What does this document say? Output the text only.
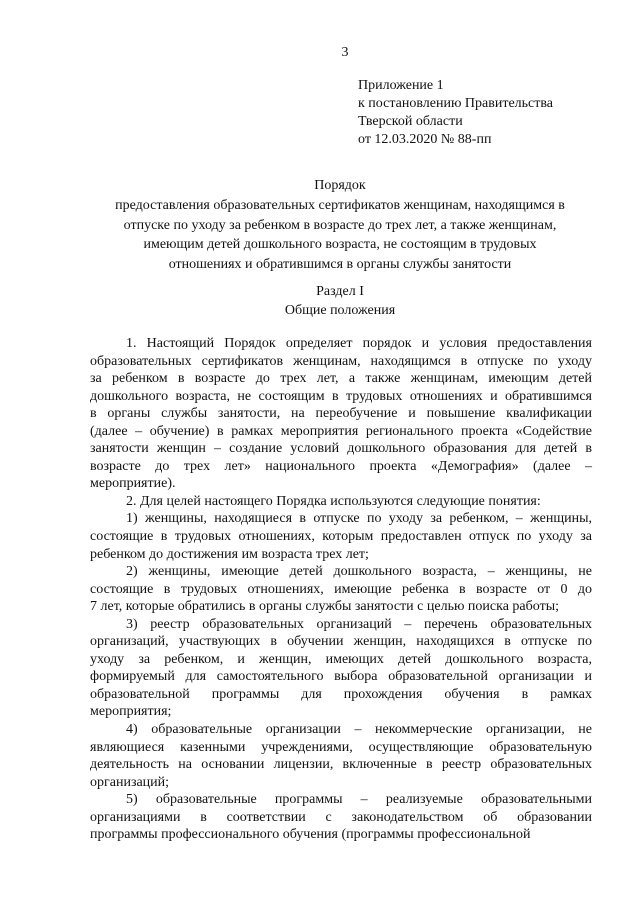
3
Приложение 1
к постановлению Правительства
Тверской области
от 12.03.2020 № 88-пп
Порядок
предоставления образовательных сертификатов женщинам, находящимся в
отпуске по уходу за ребенком в возрасте до трех лет, а также женщинам,
имеющим детей дошкольного возраста, не состоящим в трудовых
отношениях и обратившимся в органы службы занятости
Раздел I
Общие положения
1. Настоящий Порядок определяет порядок и условия предоставления
образовательных сертификатов женщинам, находящимся в отпуске по уходу
за ребенком в возрасте до трех лет, а также женщинам, имеющим детей
дошкольного возраста, не состоящим в трудовых отношениях и обратившимся
в органы службы занятости, на переобучение и повышение квалификации
(далее – обучение) в рамках мероприятия регионального проекта «Содействие
занятости женщин – создание условий дошкольного образования для детей в
возрасте до трех лет» национального проекта «Демография» (далее –
мероприятие).
2. Для целей настоящего Порядка используются следующие понятия:
1) женщины, находящиеся в отпуске по уходу за ребенком, – женщины,
состоящие в трудовых отношениях, которым предоставлен отпуск по уходу за
ребенком до достижения им возраста трех лет;
2) женщины, имеющие детей дошкольного возраста, – женщины, не
состоящие в трудовых отношениях, имеющие ребенка в возрасте от 0 до
7 лет, которые обратились в органы службы занятости с целью поиска работы;
3) реестр образовательных организаций – перечень образовательных
организаций, участвующих в обучении женщин, находящихся в отпуске по
уходу за ребенком, и женщин, имеющих детей дошкольного возраста,
формируемый для самостоятельного выбора образовательной организации и
образовательной программы для прохождения обучения в рамках
мероприятия;
4) образовательные организации – некоммерческие организации, не
являющиеся казенными учреждениями, осуществляющие образовательную
деятельность на основании лицензии, включенные в реестр образовательных
организаций;
5) образовательные программы – реализуемые образовательными
организациями в соответствии с законодательством об образовании
программы профессионального обучения (программы профессиональной
